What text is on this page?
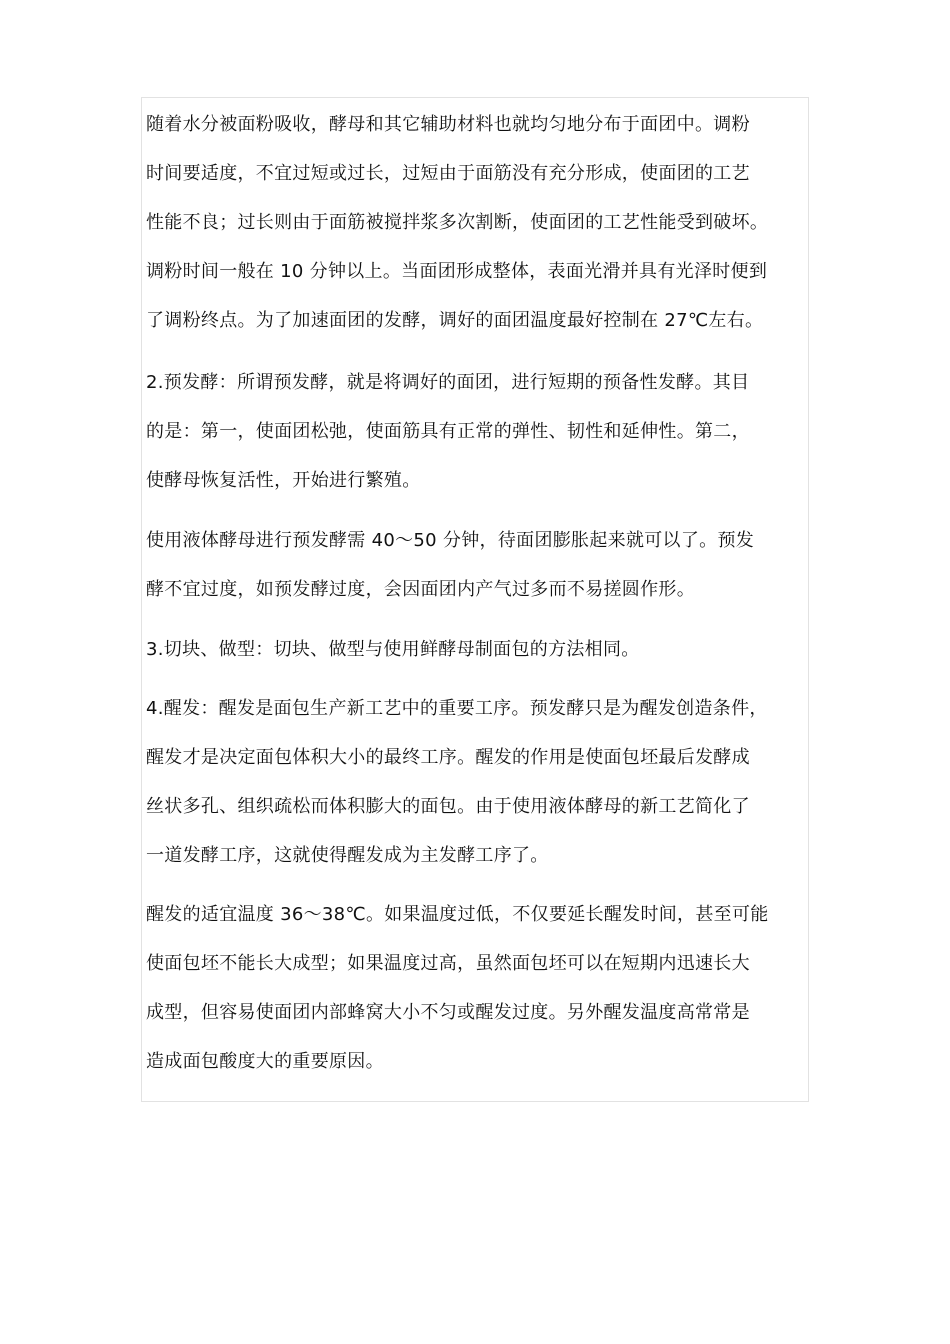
随着水分被面粉吸收，酵母和其它辅助材料也就均匀地分布于面团中。调粉
时间要适度，不宜过短或过长，过短由于面筋没有充分形成，使面团的工艺
性能不良；过长则由于面筋被搅拌浆多次割断，使面团的工艺性能受到破坏。
调粉时间一般在 10 分钟以上。当面团形成整体，表面光滑并具有光泽时便到
了调粉终点。为了加速面团的发酵，调好的面团温度最好控制在 27℃左右。

2.预发酵：所谓预发酵，就是将调好的面团，进行短期的预备性发酵。其目
的是：第一，使面团松弛，使面筋具有正常的弹性、韧性和延伸性。第二，
使酵母恢复活性，开始进行繁殖。

使用液体酵母进行预发酵需 40～50 分钟，待面团膨胀起来就可以了。预发
酵不宜过度，如预发酵过度，会因面团内产气过多而不易搓圆作形。

3.切块、做型：切块、做型与使用鲜酵母制面包的方法相同。

4.醒发：醒发是面包生产新工艺中的重要工序。预发酵只是为醒发创造条件，
醒发才是决定面包体积大小的最终工序。醒发的作用是使面包坯最后发酵成
丝状多孔、组织疏松而体积膨大的面包。由于使用液体酵母的新工艺简化了
一道发酵工序，这就使得醒发成为主发酵工序了。

醒发的适宜温度 36～38℃。如果温度过低，不仅要延长醒发时间，甚至可能
使面包坯不能长大成型；如果温度过高，虽然面包坯可以在短期内迅速长大
成型，但容易使面团内部蜂窝大小不匀或醒发过度。另外醒发温度高常常是
造成面包酸度大的重要原因。
